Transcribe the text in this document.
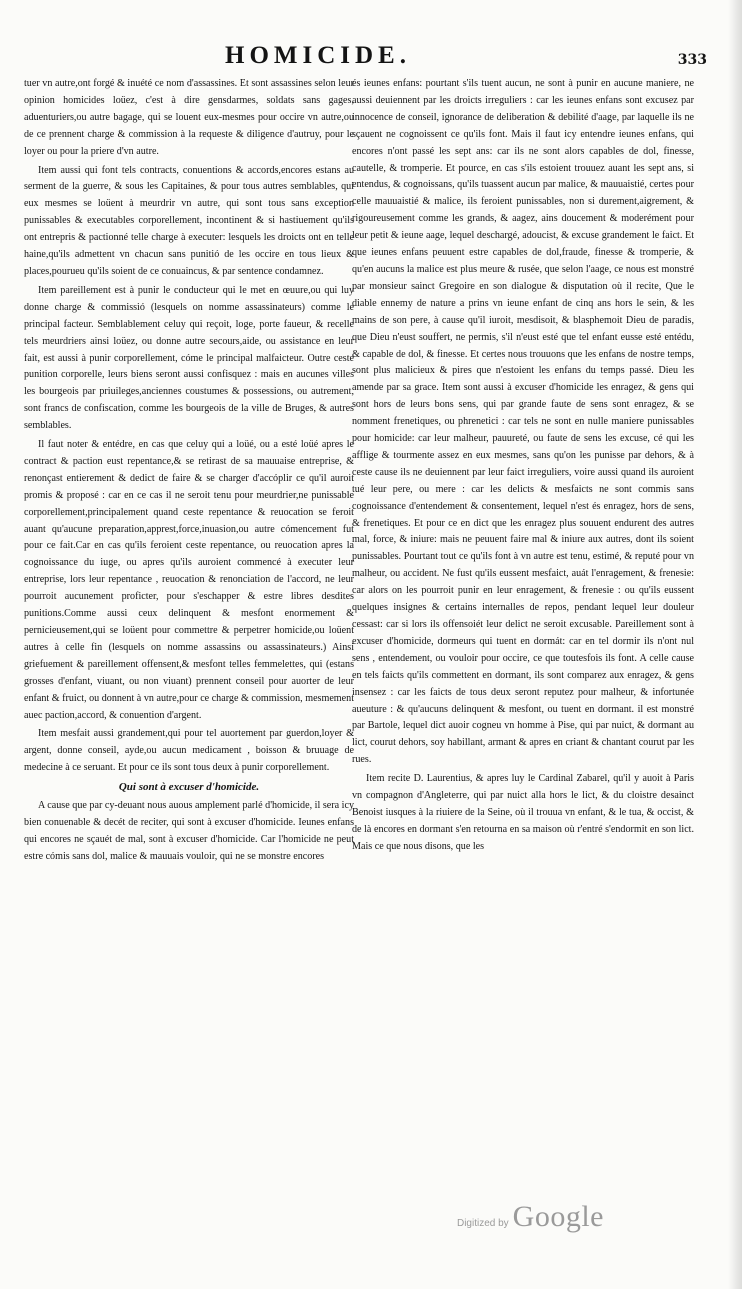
HOMICIDE.	333

tuer vn autre,ont forgé & inuété ce nom d'assassines. Et sont assassines selon leur opinion homicides loüez, c'est à dire gensdarmes, soldats sans gages, aduenturiers,ou autre bagage, qui se louent eux-mesmes pour occire vn autre,ou de ce prennent charge & commission à la requeste & diligence d'autruy, pour le loyer ou pour la priere d'vn autre.

Item aussi qui font tels contracts, conuentions & accords,encores estans au serment de la guerre, & sous les Capitaines, & pour tous autres semblables, qui eux mesmes se loüent à meurdrir vn autre, qui sont tous sans exception punissables & executables corporellement, incontinent & si hastiuement qu'ils ont entrepris & pactionné telle charge à executer: lesquels les droicts ont en telle haine,qu'ils admettent vn chacun sans punitió de les occire en tous lieux & places,pourueu qu'ils soient de ce conuaincus, & par sentence condamnez.

Item pareillement est à punir le conducteur qui le met en œuure,ou qui luy donne charge & commissió (lesquels on nomme assassinateurs) comme le principal facteur. Semblablement celuy qui reçoit, loge, porte faueur, & recelle tels meurdriers ainsi loüez, ou donne autre secours,aide, ou assistance en leur fait, est aussi à punir corporellement, cóme le principal malfaicteur. Outre ceste punition corporelle, leurs biens seront aussi confisquez : mais en aucunes villes les bourgeois par priuileges,anciennes coustumes & possessions, ou autrement, sont francs de confiscation, comme les bourgeois de la ville de Bruges, & autres semblables.

Il faut noter & entédre, en cas que celuy qui a loüé, ou a esté loüé apres le contract & paction eust repentance,& se retirast de sa mauuaise entreprise, & renonçast entierement & dedict de faire & se charger d'accóplir ce qu'il auroit promis & proposé : car en ce cas il ne seroit tenu pour meurdrier,ne punissable corporellement,principalement quand ceste repentance & reuocation se feroit auant qu'aucune preparation,apprest,force,inuasion,ou autre cómencement fut pour ce fait.Car en cas qu'ils feroient ceste repentance, ou reuocation apres la cognoissance du iuge, ou apres qu'ils auroient commencé à executer leur entreprise, lors leur repentance , reuocation & renonciation de l'accord, ne leur pourroit aucunement proficter, pour s'eschapper & estre libres desdites punitions.Comme aussi ceux delinquent & mesfont enormement & pernicieusement,qui se loüent pour commettre & perpetrer homicide,ou loüent autres à celle fin (lesquels on nomme assassins ou assassinateurs.) Ainsi griefuement & pareillement offensent,& mesfont telles femmelettes, qui (estans grosses d'enfant, viuant, ou non viuant) prennent conseil pour auorter de leur enfant & fruict, ou donnent à vn autre,pour ce charge & commission, mesmement auec paction,accord, & conuention d'argent.

Item mesfait aussi grandement,qui pour tel auortement par guerdon,loyer & argent, donne conseil, ayde,ou aucun medicament , boisson & bruuage de medecine à ce seruant. Et pour ce ils sont tous deux à punir corporellement.

Qui sont à excuser d'homicide.

A cause que par cy-deuant nous auous amplement parlé d'homicide, il sera icy bien conuenable & decét de reciter, qui sont à excuser d'homicide. Ieunes enfans qui encores ne sçauét de mal, sont à excuser d'homicide. Car l'homicide ne peut estre cómis sans dol, malice & mauuais vouloir, qui ne se monstre encores

és ieunes enfans: pourtant s'ils tuent aucun, ne sont à punir en aucune maniere, ne aussi deuiennent par les droicts irreguliers : car les ieunes enfans sont excusez par innocence de conseil, ignorance de deliberation & debilité d'aage, par laquelle ils ne sçauent ne cognoissent ce qu'ils font. Mais il faut icy entendre ieunes enfans, qui encores n'ont passé les sept ans: car ils ne sont alors capables de dol, finesse, cautelle, & tromperie. Et pource, en cas s'ils estoient trouuez auant les sept ans, si entendus, & cognoissans, qu'ils tuassent aucun par malice, & mauuaistié, certes pour celle mauuaistié & malice, ils feroient punissables, non si durement,aigrement, & rigoureusement comme les grands, & aagez, ains doucement & moderément pour leur petit & ieune aage, lequel deschargé, adoucist, & excuse grandement le faict. Et que ieunes enfans peuuent estre capables de dol,fraude, finesse & tromperie, & qu'en aucuns la malice est plus meure & rusée, que selon l'aage, ce nous est monstré par monsieur sainct Gregoire en son dialogue & disputation où il recite, Que le diable ennemy de nature a prins vn ieune enfant de cinq ans hors le sein, & les mains de son pere, à cause qu'il iuroit, mesdisoit, & blasphemoit Dieu de paradis, que Dieu n'eust souffert, ne permis, s'il n'eust esté que tel enfant eusse esté entédu, & capable de dol, & finesse. Et certes nous trouuons que les enfans de nostre temps, sont plus malicieux & pires que n'estoient les enfans du temps passé. Dieu les amende par sa grace. Item sont aussi à excuser d'homicide les enragez, & gens qui sont hors de leurs bons sens, qui par grande faute de sens sont enragez, & se nomment frenetiques, ou phrenetici : car tels ne sont en nulle maniere punissables pour homicide: car leur malheur, pauureté, ou faute de sens les excuse, cé qui les afflige & tourmente assez en eux mesmes, sans qu'on les punisse par dehors, & à ceste cause ils ne deuiennent par leur faict irreguliers, voire aussi quand ils auroient tué leur pere, ou mere : car les delicts & mesfaicts ne sont commis sans cognoissance d'entendement & consentement, lequel n'est és enragez, hors de sens, & frenetiques. Et pour ce en dict que les enragez plus souuent endurent des autres mal, force, & iniure: mais ne peuuent faire mal & iniure aux autres, dont ils soient punissables. Pourtant tout ce qu'ils font à vn autre est tenu, estimé, & reputé pour vn malheur, ou accident. Ne fust qu'ils eussent mesfaict, auát l'enragement, & frenesie: car alors on les pourroit punir en leur enragement, & frenesie : ou qu'ils eussent quelques insignes & certains internalles de repos, pendant lequel leur douleur cessast: car si lors ils offensoiét leur delict ne seroit excusable. Pareillement sont à excuser d'homicide, dormeurs qui tuent en dormát: car en tel dormir ils n'ont nul sens , entendement, ou vouloir pour occire, ce que toutesfois ils font. A celle cause en tels faicts qu'ils commettent en dormant, ils sont comparez aux enragez, & gens insensez : car les faicts de tous deux seront reputez pour malheur, & infortunée aueuture : & qu'aucuns delinquent & mesfont, ou tuent en dormant. il est monstré par Bartole, lequel dict auoir cogneu vn homme à Pise, qui par nuict, & dormant au lict, courut dehors, soy habillant, armant & apres en criant & chantant courut par les rues.

Item recite D. Laurentius, & apres luy le Cardinal Zabarel, qu'il y auoit à Paris vn compagnon d'Angleterre, qui par nuict alla hors le lict, & du cloistre desainct Benoist iusques à la riuiere de la Seine, où il trouua vn enfant, & le tua, & occist, & de là encores en dormant s'en retourna en sa maison où r'entré s'endormit en son lict. Mais ce que nous disons, que les

Digitized by Google
